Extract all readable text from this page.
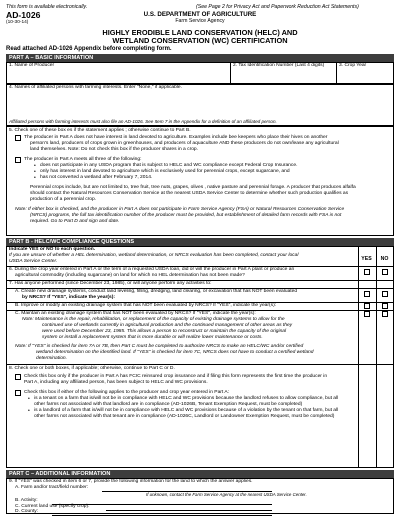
This form is available electronically.
AD-1026
(10-30-14)
(See Page 2 for Privacy Act and Paperwork Reduction Act Statements)
U.S. DEPARTMENT OF AGRICULTURE
Farm Service Agency
HIGHLY ERODIBLE LAND CONSERVATION (HELC) AND
WETLAND CONSERVATION (WC) CERTIFICATION
Read attached AD-1026 Appendix before completing form.
PART A – BASIC INFORMATION
1. Name of Producer	2. Tax Identification Number (Last 4 digits)	3. Crop Year
4. Names of affiliated persons with farming interests. Enter "None," if applicable.
Affiliated persons with farming interests must also file an AD-1026. See Item 7 in the Appendix for a definition of an affiliated person.
5. Check one of these box es if the statement applies ; otherwise continue to Part B.
The producer in Part A does not have interest in land devoted to agriculture. Examples include bee keepers who place their hives on another
person's land, producers of crops grown in greenhouses, and producers of aquaculture AND these producers do not own/lease any agricultural
land themselves. Note: Do not check this box if the producer shares in a crop.
The producer in Part A meets all three of the following:
• does not participate in any USDA program that is subject to HELC and WC compliance except Federal Crop Insurance.
• only has interest in land devoted to agriculture which is exclusively used for perennial crops, except sugarcane, and
• has not converted a wetland after February 7, 2014.
Perennial crops include, but are not limited to, tree fruit, tree nuts, grapes, olives , native pasture and perennial forage. A producer that produces alfalfa
should contact the Natural Resources Conservation Service at the nearest USDA Service Center to determine whether such production qualifies as
production of a perennial crop.
Note: If either box is checked, and the producer in Part A does not participate in Farm Service Agency (FSA) or Natural Resources Conservation Service
(NRCS) programs, the full tax identification number of the producer must be provided, but establishment of detailed farm records with FSA is not
required. Go to Part D and sign and date.
PART B - HELC/WC COMPLIANCE QUESTIONS
Indicate YES or NO to each question.
If you are unsure of whether a HEL determination, wetland determination, or NRCS evaluation has been completed, contact your local
USDA Service Center.	YES	NO
6. During the crop year entered in Part A or the term of a requested USDA loan, did or will the producer in Part A plant or produce an
agricultural commodity (including sugarcane) on land for which no HEL determination has not been made?
7. Has anyone performed (since December 23, 1985), or will anyone perform any activities to:
A. Create new drainage systems, conduct land leveling, filling, dredging, land clearing, or excavation that has NOT been evaluated
by NRCS? If "YES", indicate the year(s):
B. Improve or modify an existing drainage system that has NOT been evaluated by NRCS? If "YES", indicate the year(s):
C. Maintain an existing drainage system that has NOT been evaluated by NRCS? If "YES", indicate the year(s):
Note: Maintenance is the repair, rehabilitation, or replacement of the capacity of existing drainage systems to allow for the
continued use of wetlands currently in agricultural production and the continued management of other areas as they
were used before December 23, 1985. This allows a person to reconstruct or maintain the capacity of the original
system or install a replacement system that is more durable or will realize lower maintenance or costs.
Note: If "YES" is checked for item 7A or 7B, then Part C must be completed to authorize NRCS to make an HELC/WC and/or certified
wetland determination on the identified land. If "YES" is checked for item 7C, NRCS does not have to conduct a certified wetland
determination.
8. Check one or both boxes, if applicable; otherwise, continue to Part C or D.
Check this box only if the producer in Part A has FCIC reinsured crop insurance and if filing this form represents the first time the producer in
Part A, including any affiliated person, has been subject to HELC and WC provisions.
Check this box if either of the following applies to the producer and crop year entered in Part A:
• is a tenant on a farm that is/will not be in compliance with HELC and WC provisions because the landlord refuses to allow compliance, but all
other farms not associated with that landlord are in compliance (AD-1026B, Tenant Exemption Request, must be completed)
• is a landlord of a farm that is/will not be in compliance with HELC and WC provisions because of a violation by the tenant on that farm, but all
other farms not associated with that tenant are in compliance (AD-1026C, Landlord or Landowner Exemption Request, must be completed)
PART C – ADDITIONAL INFORMATION
9. If "YES" was checked in item 6 or 7, provide the following information for the land to which the answer applies.
A. Farm and/or tract/field number:
If unknown, contact the Farm Service Agency at the nearest USDA Service Center.
B. Activity:
C. Current land use (specify crop):
D. County:
